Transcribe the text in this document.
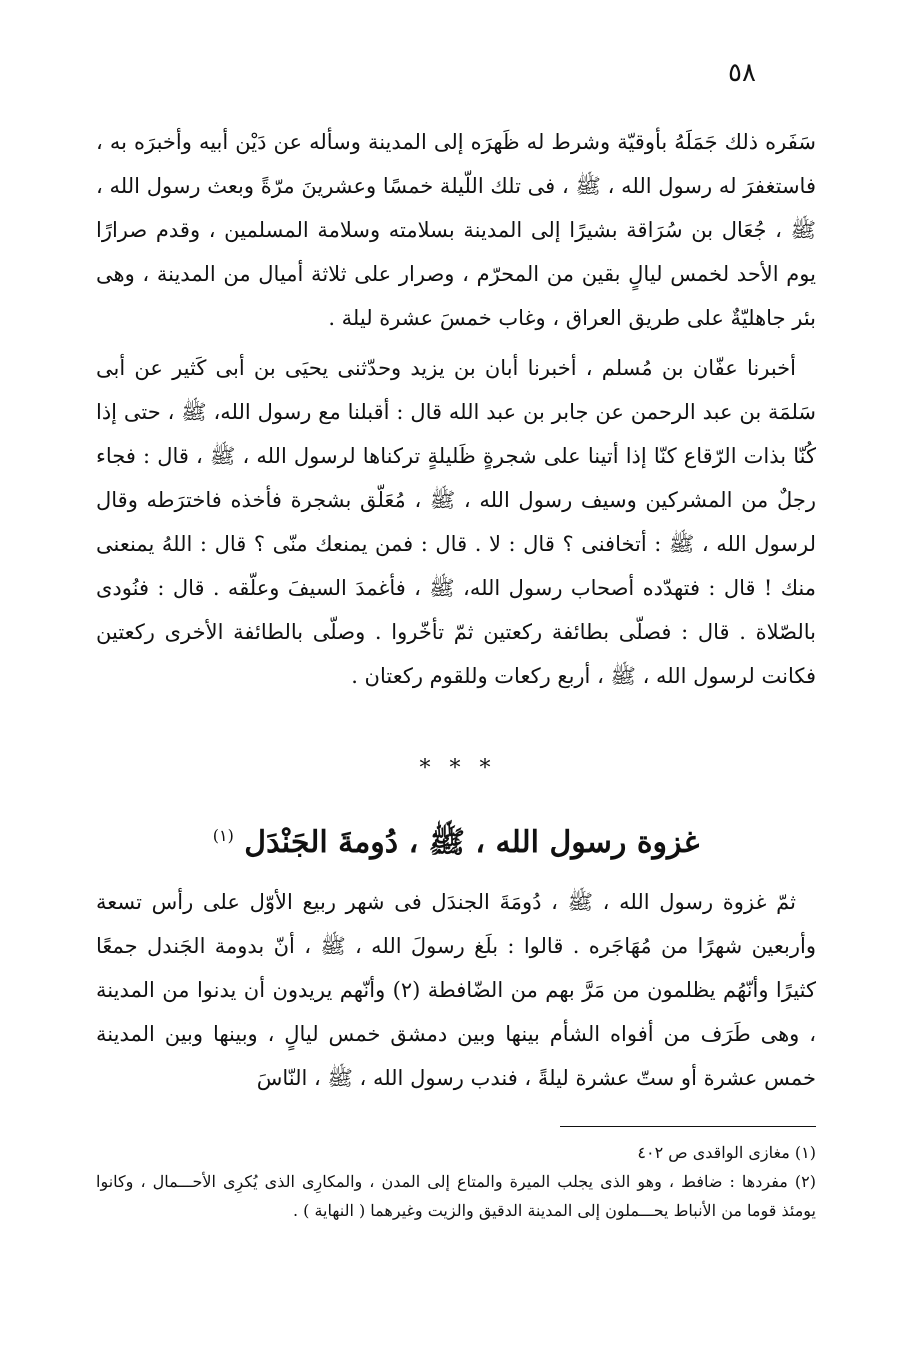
٥٨

سَفَره ذلك جَمَلَهُ بأوقيّة وشرط له ظَهرَه إلى المدينة وسأله عن دَيْن أبيه وأخبرَه به ، فاستغفرَ له رسول الله ، ﷺ ، فى تلك اللّيلة خمسًا وعشرينَ مرّةً وبعث رسول الله ، ﷺ ، جُعَال بن سُرَاقة بشيرًا إلى المدينة بسلامته وسلامة المسلمين ، وقدم صرارًا يوم الأحد لخمس ليالٍ بقين من المحرّم ، وصرار على ثلاثة أميال من المدينة ، وهى بئر جاهليّةٌ على طريق العراق ، وغاب خمسَ عشرة ليلة .

أخبرنا عفّان بن مُسلم ، أخبرنا أبان بن يزيد وحدّثنى يحيَى بن أبى كَثير عن أبى سَلمَة بن عبد الرحمن عن جابر بن عبد الله قال : أقبلنا مع رسول الله، ﷺ ، حتى إذا كُنّا بذات الرّقاع كنّا إذا أتينا على شجرةٍ ظَليلةٍ تركناها لرسول الله ، ﷺ ، قال : فجاء رجلٌ من المشركين وسيف رسول الله ، ﷺ ، مُعَلّق بشجرة فأخذه فاخترَطه وقال لرسول الله ، ﷺ : أتخافنى ؟ قال : لا . قال : فمن يمنعك منّى ؟ قال : اللهُ يمنعنى منك ! قال : فتهدّده أصحاب رسول الله، ﷺ ، فأغمدَ السيفَ وعلّقه . قال : فنُودى بالصّلاة . قال : فصلّى بطائفة ركعتين ثمّ تأخّروا . وصلّى بالطائفة الأخرى ركعتين فكانت لرسول الله ، ﷺ ، أربع ركعات وللقوم ركعتان .

* * *
غزوة رسول الله ، ﷺ ، دُومةَ الجَنْدَل $^{(١)}$

ثمّ غزوة رسول الله ، ﷺ ، دُومَةَ الجندَل فى شهر ربيع الأوّل على رأس تسعة وأربعين شهرًا من مُهَاجَره . قالوا : بلَغ رسولَ الله ، ﷺ ، أنّ بدومة الجَندل جمعًا كثيرًا وأنّهُم يظلمون من مَرَّ بهم من الضّافطة (٢) وأنّهم يريدون أن يدنوا من المدينة ، وهى طَرَف من أفواه الشأم بينها وبين دمشق خمس ليالٍ ، وبينها وبين المدينة خمس عشرة أو ستّ عشرة ليلةً ، فندب رسول الله ، ﷺ ، النّاسَ

(١) مغازى الواقدى ص ٤٠٢

(٢) مفردها : ضافط ، وهو الذى يجلب الميرة والمتاع إلى المدن ، والمكارِى الذى يُكرِى الأحـــمال ، وكانوا يومئذ قوما من الأنباط يحـــملون إلى المدينة الدقيق والزيت وغيرهما ( النهاية ) .
